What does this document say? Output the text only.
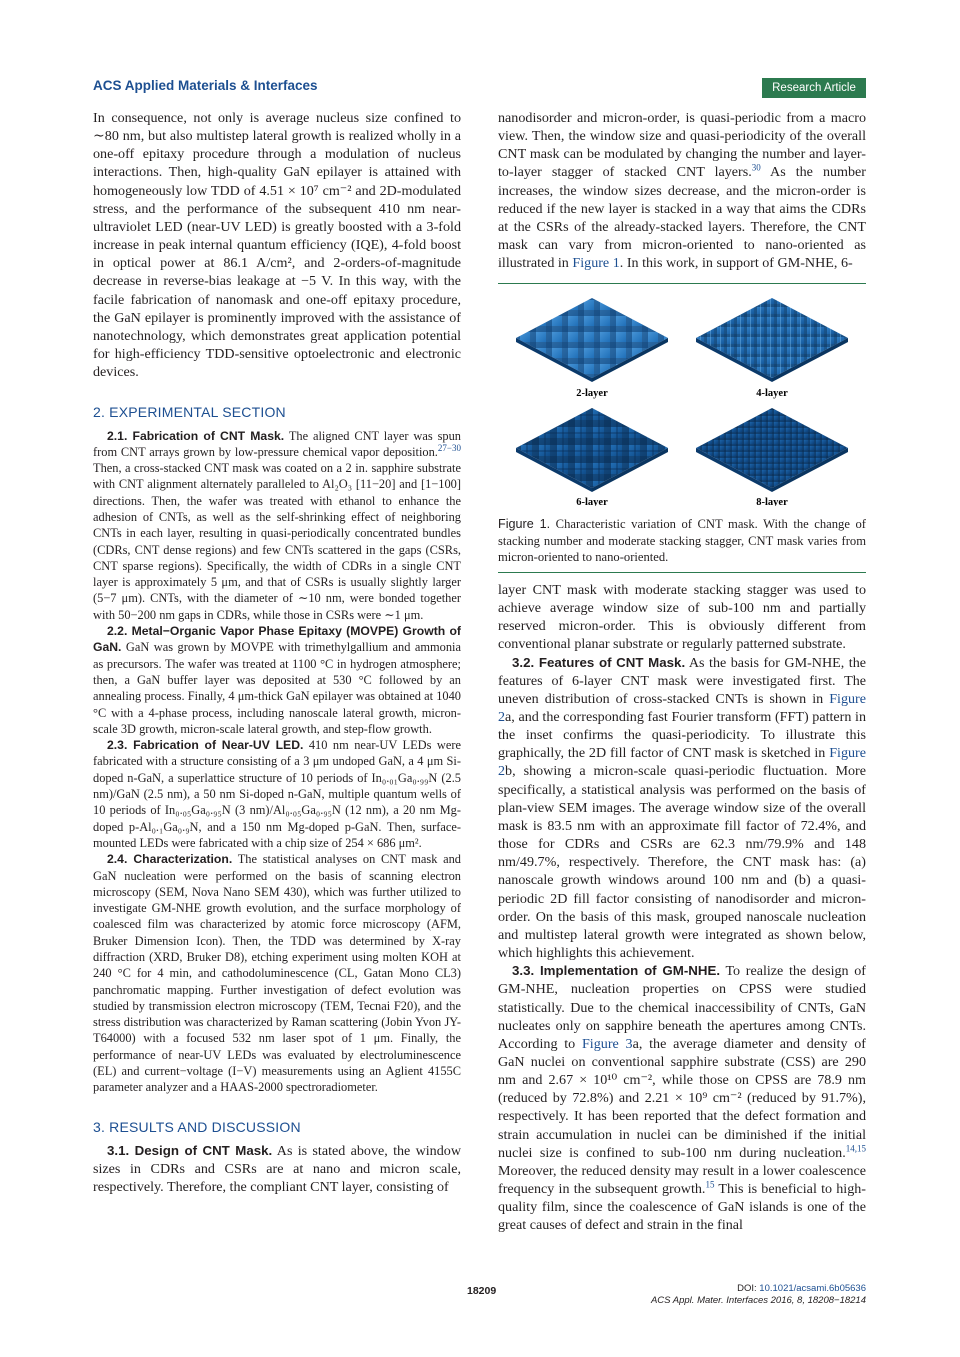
ACS Applied Materials & Interfaces	Research Article

In consequence, not only is average nucleus size confined to ∼80 nm, but also multistep lateral growth is realized wholly in a one-off epitaxy procedure through a modulation of nucleus interactions. Then, high-quality GaN epilayer is attained with homogeneously low TDD of 4.51 × 10⁷ cm⁻² and 2D-modulated stress, and the performance of the subsequent 410 nm near-ultraviolet LED (near-UV LED) is greatly boosted with a 3-fold increase in peak internal quantum efficiency (IQE), 4-fold boost in optical power at 86.1 A/cm², and 2-orders-of-magnitude decrease in reverse-bias leakage at −5 V. In this way, with the facile fabrication of nanomask and one-off epitaxy procedure, the GaN epilayer is prominently improved with the assistance of nanotechnology, which demonstrates great application potential for high-efficiency TDD-sensitive optoelectronic and electronic devices.

2. EXPERIMENTAL SECTION

2.1. Fabrication of CNT Mask. The aligned CNT layer was spun from CNT arrays grown by low-pressure chemical vapor deposition.$^{27-30}$ Then, a cross-stacked CNT mask was coated on a 2 in. sapphire substrate with CNT alignment alternately paralleled to Al₂O₃ [11−20] and [1−100] directions. Then, the wafer was treated with ethanol to enhance the adhesion of CNTs, as well as the self-shrinking effect of neighboring CNTs in each layer, resulting in quasi-periodically concentrated bundles (CDRs, CNT dense regions) and few CNTs scattered in the gaps (CSRs, CNT sparse regions). Specifically, the width of CDRs in a single CNT layer is approximately 5 μm, and that of CSRs is usually slightly larger (5−7 μm). CNTs, with the diameter of ∼10 nm, were bonded together with 50−200 nm gaps in CDRs, while those in CSRs were ∼1 μm.

2.2. Metal−Organic Vapor Phase Epitaxy (MOVPE) Growth of GaN. GaN was grown by MOVPE with trimethylgallium and ammonia as precursors. The wafer was treated at 1100 °C in hydrogen atmosphere; then, a GaN buffer layer was deposited at 530 °C followed by an annealing process. Finally, 4 μm-thick GaN epilayer was obtained at 1040 °C with a 4-phase process, including nanoscale lateral growth, micron-scale 3D growth, micron-scale lateral growth, and step-flow growth.

2.3. Fabrication of Near-UV LED. 410 nm near-UV LEDs were fabricated with a structure consisting of a 3 μm undoped GaN, a 4 μm Si-doped n-GaN, a superlattice structure of 10 periods of In₀.₀₁Ga₀.₉₉N (2.5 nm)/GaN (2.5 nm), a 50 nm Si-doped n-GaN, multiple quantum wells of 10 periods of In₀.₀₅Ga₀.₉₅N (3 nm)/Al₀.₀₅Ga₀.₉₅N (12 nm), a 20 nm Mg-doped p-Al₀.₁Ga₀.₉N, and a 150 nm Mg-doped p-GaN. Then, surface-mounted LEDs were fabricated with a chip size of 254 × 686 μm².

2.4. Characterization. The statistical analyses on CNT mask and GaN nucleation were performed on the basis of scanning electron microscopy (SEM, Nova Nano SEM 430), which was further utilized to investigate GM-NHE growth evolution, and the surface morphology of coalesced film was characterized by atomic force microscopy (AFM, Bruker Dimension Icon). Then, the TDD was determined by X-ray diffraction (XRD, Bruker D8), etching experiment using molten KOH at 240 °C for 4 min, and cathodoluminescence (CL, Gatan Mono CL3) panchromatic mapping. Further investigation of defect evolution was studied by transmission electron microscopy (TEM, Tecnai F20), and the stress distribution was characterized by Raman scattering (Jobin Yvon JY-T64000) with a focused 532 nm laser spot of 1 μm. Finally, the performance of near-UV LEDs was evaluated by electroluminescence (EL) and current−voltage (I−V) measurements using an Aglient 4155C parameter analyzer and a HAAS-2000 spectroradiometer.

3. RESULTS AND DISCUSSION

3.1. Design of CNT Mask. As is stated above, the window sizes in CDRs and CSRs are at nano and micron scale, respectively. Therefore, the compliant CNT layer, consisting of

nanodisorder and micron-order, is quasi-periodic from a macro view. Then, the window size and quasi-periodicity of the overall CNT mask can be modulated by changing the number and layer-to-layer stagger of stacked CNT layers.$^{30}$ As the number increases, the window sizes decrease, and the micron-order is reduced if the new layer is stacked in a way that aims the CDRs at the CSRs of the already-stacked layers. Therefore, the CNT mask can vary from micron-oriented to nano-oriented as illustrated in Figure 1. In this work, in support of GM-NHE, 6-

2-layer	4-layer
6-layer	8-layer

Figure 1. Characteristic variation of CNT mask. With the change of stacking number and moderate stacking stagger, CNT mask varies from micron-oriented to nano-oriented.

layer CNT mask with moderate stacking stagger was used to achieve average window size of sub-100 nm and partially reserved micron-order. This is obviously different from conventional planar substrate or regularly patterned substrate.

3.2. Features of CNT Mask. As the basis for GM-NHE, the features of 6-layer CNT mask were investigated first. The uneven distribution of cross-stacked CNTs is shown in Figure 2a, and the corresponding fast Fourier transform (FFT) pattern in the inset confirms the quasi-periodicity. To illustrate this graphically, the 2D fill factor of CNT mask is sketched in Figure 2b, showing a micron-scale quasi-periodic fluctuation. More specifically, a statistical analysis was performed on the basis of plan-view SEM images. The average window size of the overall mask is 83.5 nm with an approximate fill factor of 72.4%, and those for CDRs and CSRs are 62.3 nm/79.9% and 148 nm/49.7%, respectively. Therefore, the CNT mask has: (a) nanoscale growth windows around 100 nm and (b) a quasi-periodic 2D fill factor consisting of nanodisorder and micron-order. On the basis of this mask, grouped nanoscale nucleation and multistep lateral growth were integrated as shown below, which highlights this achievement.

3.3. Implementation of GM-NHE. To realize the design of GM-NHE, nucleation properties on CPSS were studied statistically. Due to the chemical inaccessibility of CNTs, GaN nucleates only on sapphire beneath the apertures among CNTs. According to Figure 3a, the average diameter and density of GaN nuclei on conventional sapphire substrate (CSS) are 290 nm and 2.67 × 10¹⁰ cm⁻², while those on CPSS are 78.9 nm (reduced by 72.8%) and 2.21 × 10⁹ cm⁻² (reduced by 91.7%), respectively. It has been reported that the defect formation and strain accumulation in nuclei can be diminished if the initial nuclei size is confined to sub-100 nm during nucleation.$^{14,15}$ Moreover, the reduced density may result in a lower coalescence frequency in the subsequent growth.$^{15}$ This is beneficial to high-quality film, since the coalescence of GaN islands is one of the great causes of defect and strain in the final

18209	DOI: 10.1021/acsami.6b05636
ACS Appl. Mater. Interfaces 2016, 8, 18208−18214
